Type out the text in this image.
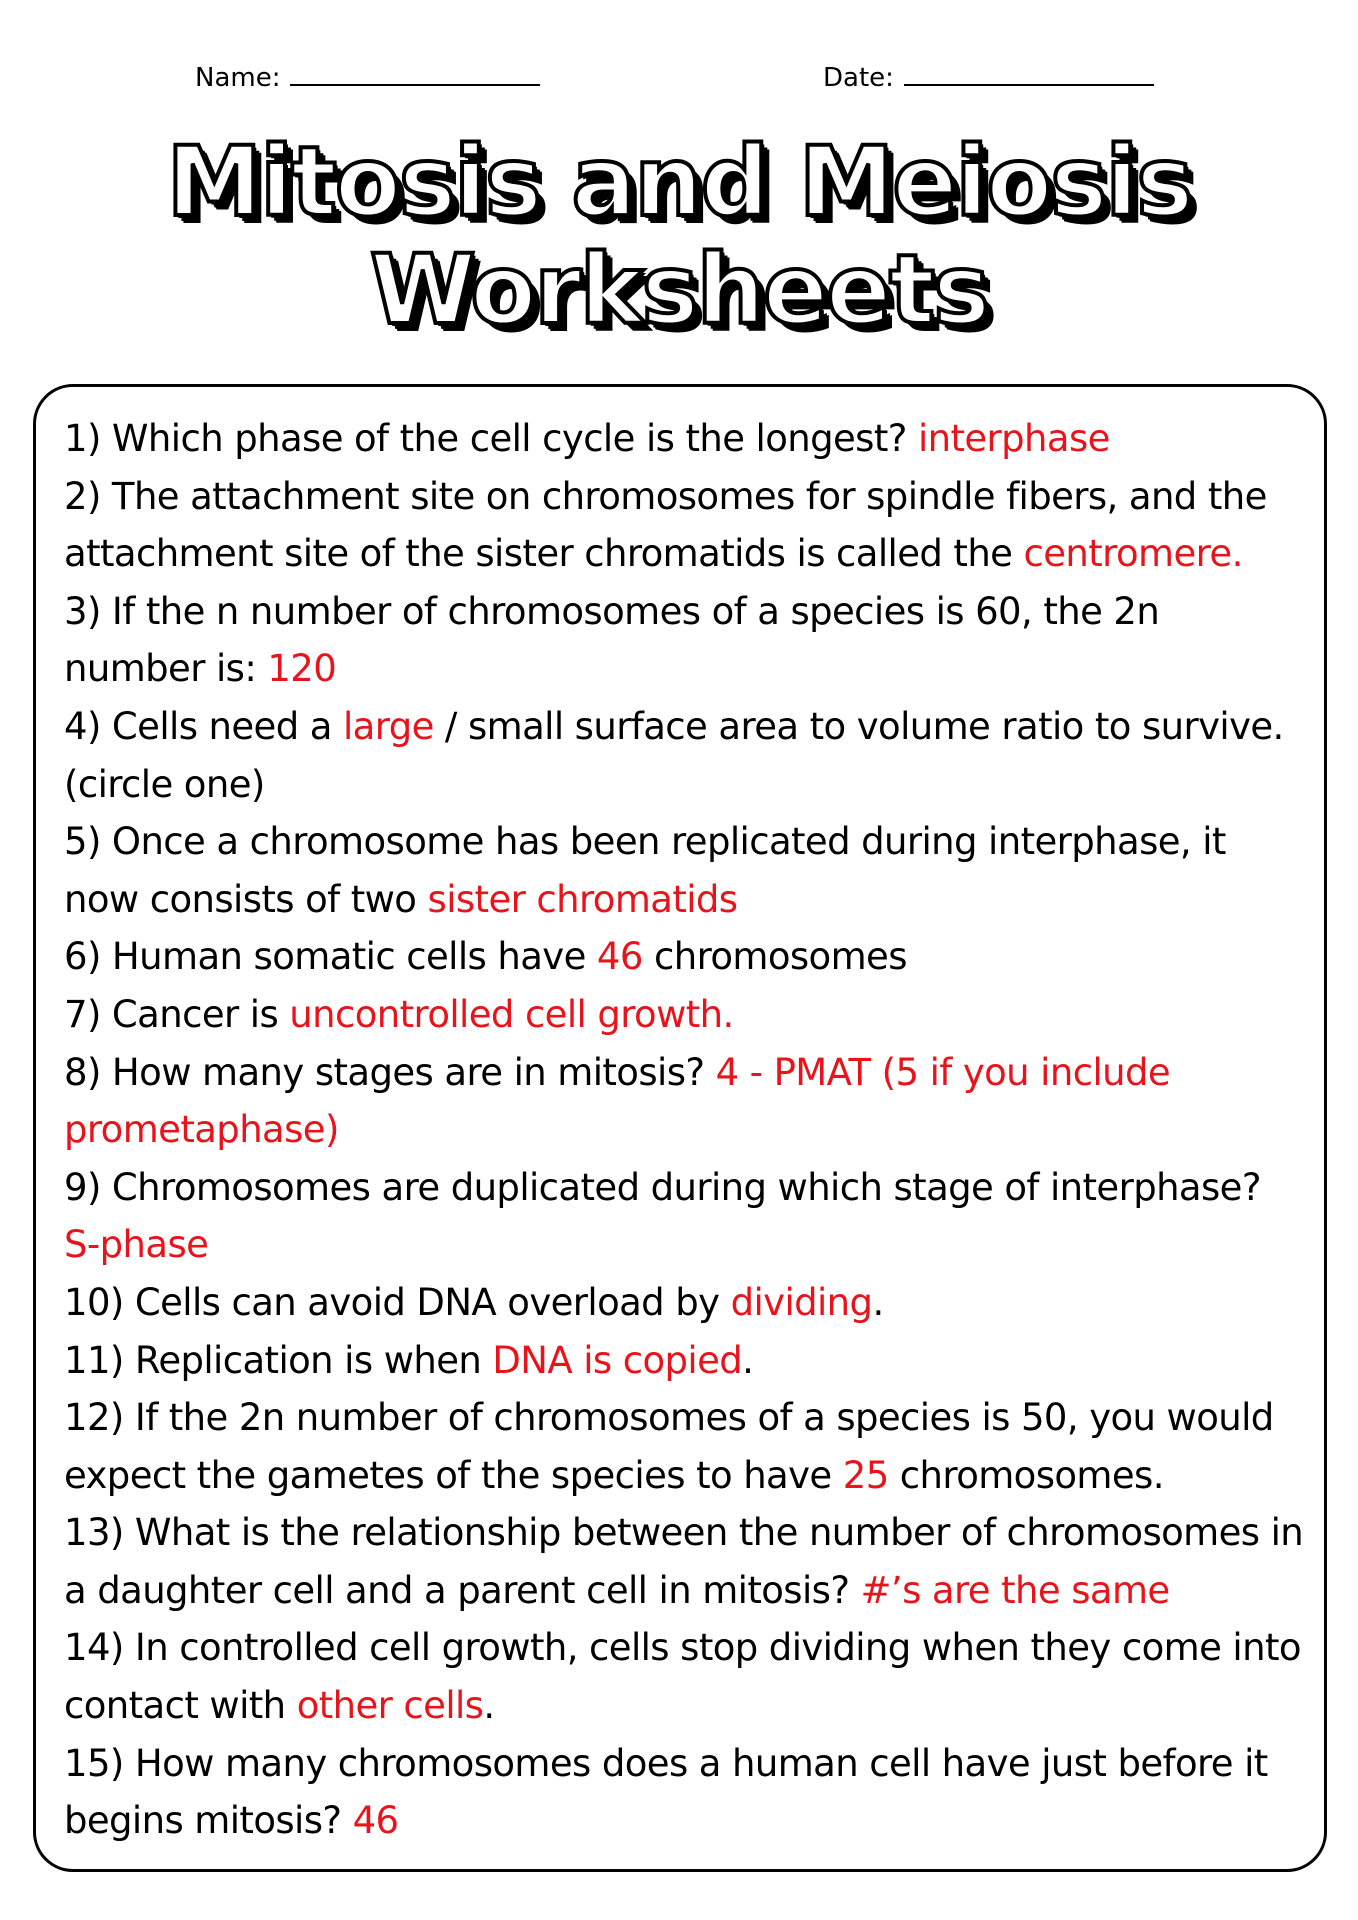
Name:	Date:
Mitosis and Meiosis
Worksheets

1) Which phase of the cell cycle is the longest? interphase

2) The attachment site on chromosomes for spindle fibers, and the attachment site of the sister chromatids is called the centromere.

3) If the n number of chromosomes of a species is 60, the 2n number is: 120

4) Cells need a large / small surface area to volume ratio to survive. (circle one)

5) Once a chromosome has been replicated during interphase, it now consists of two sister chromatids

6) Human somatic cells have 46 chromosomes

7) Cancer is uncontrolled cell growth.

8) How many stages are in mitosis? 4 - PMAT (5 if you include prometaphase)

9) Chromosomes are duplicated during which stage of interphase? S-phase

10) Cells can avoid DNA overload by dividing.

11) Replication is when DNA is copied.

12) If the 2n number of chromosomes of a species is 50, you would expect the gametes of the species to have 25 chromosomes.

13) What is the relationship between the number of chromosomes in a daughter cell and a parent cell in mitosis? #’s are the same

14) In controlled cell growth, cells stop dividing when they come into contact with other cells.

15) How many chromosomes does a human cell have just before it begins mitosis? 46
